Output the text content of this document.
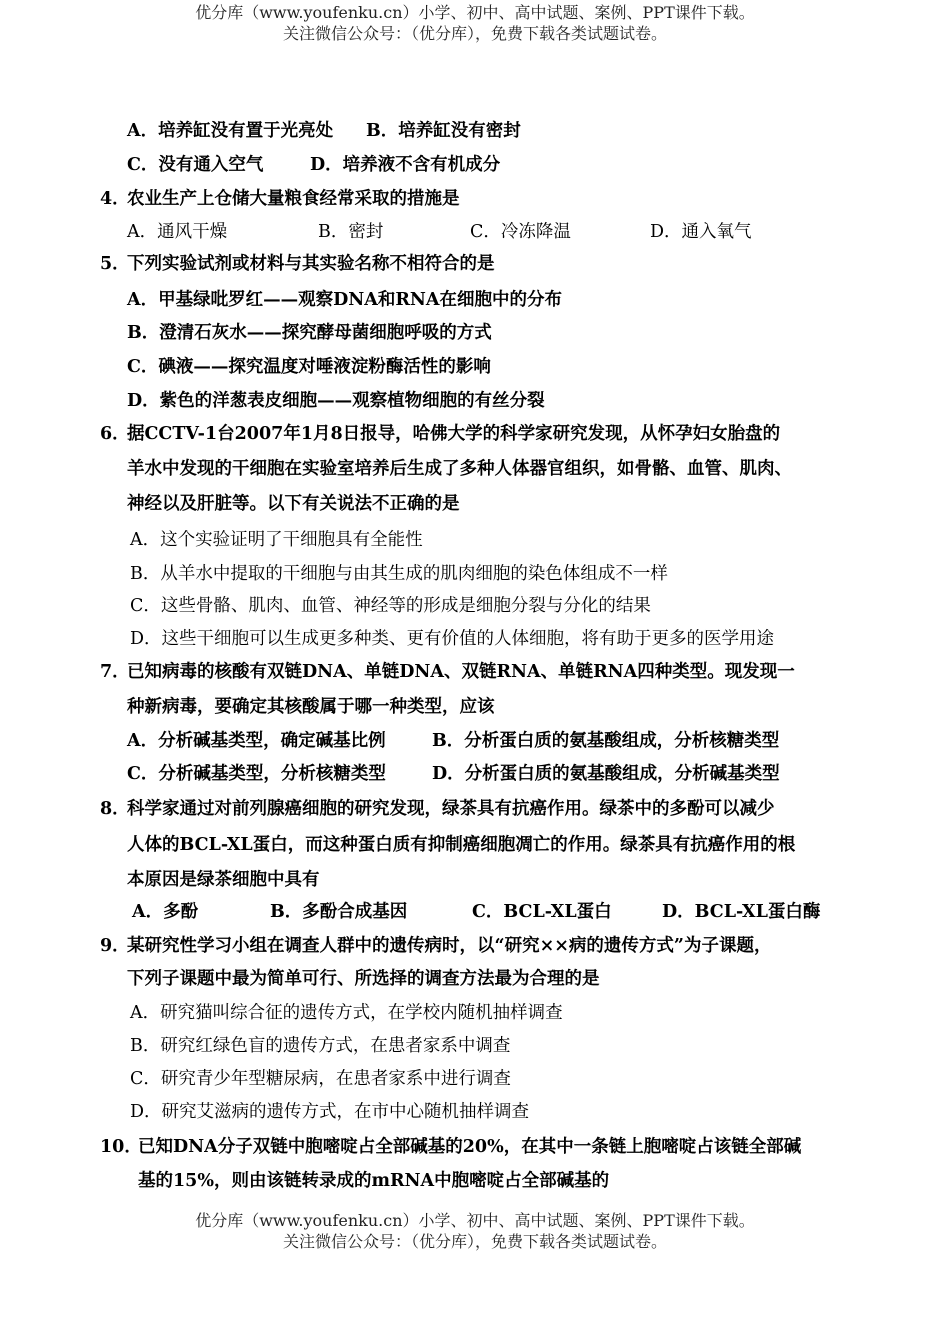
优分库（www.youfenku.cn）小学、初中、高中试题、案例、PPT课件下载。
关注微信公众号：（优分库），免费下载各类试题试卷。
A．培养缸没有置于光亮处 B．培养缸没有密封
C．没有通入空气	D．培养液不含有机成分
4．
农业生产上仓储大量粮食经常采取的措施是
A．通风干燥	B．密封	C．冷冻降温	D．通入氧气
5．
下列实验试剂或材料与其实验名称不相符合的是
A．甲基绿吡罗红——观察DNA和RNA在细胞中的分布
B．澄清石灰水——探究酵母菌细胞呼吸的方式
C．碘液——探究温度对唾液淀粉酶活性的影响
D．紫色的洋葱表皮细胞——观察植物细胞的有丝分裂
6．
据CCTV-1台2007年1月8日报导，哈佛大学的科学家研究发现，从怀孕妇女胎盘的
羊水中发现的干细胞在实验室培养后生成了多种人体器官组织，如骨骼、血管、肌肉、
神经以及肝脏等。以下有关说法不正确的是
A．这个实验证明了干细胞具有全能性
B．从羊水中提取的干细胞与由其生成的肌肉细胞的染色体组成不一样
C．这些骨骼、肌肉、血管、神经等的形成是细胞分裂与分化的结果
D．这些干细胞可以生成更多种类、更有价值的人体细胞，将有助于更多的医学用途
7．
已知病毒的核酸有双链DNA、单链DNA、双链RNA、单链RNA四种类型。现发现一
种新病毒，要确定其核酸属于哪一种类型，应该
A．分析碱基类型，确定碱基比例	B．分析蛋白质的氨基酸组成，分析核糖类型
C．分析碱基类型，分析核糖类型	D．分析蛋白质的氨基酸组成，分析碱基类型
8．
科学家通过对前列腺癌细胞的研究发现，绿茶具有抗癌作用。绿茶中的多酚可以减少
人体的BCL-XL蛋白，而这种蛋白质有抑制癌细胞凋亡的作用。绿茶具有抗癌作用的根
本原因是绿茶细胞中具有
A．多酚	B．多酚合成基因	C．BCL-XL蛋白	D．BCL-XL蛋白酶
9．
某研究性学习小组在调查人群中的遗传病时，以“研究××病的遗传方式”为子课题，
下列子课题中最为简单可行、所选择的调查方法最为合理的是
A．研究猫叫综合征的遗传方式，在学校内随机抽样调查
B．研究红绿色盲的遗传方式，在患者家系中调查
C．研究青少年型糖尿病，在患者家系中进行调查
D．研究艾滋病的遗传方式，在市中心随机抽样调查
10．
已知DNA分子双链中胞嘧啶占全部碱基的20%，在其中一条链上胞嘧啶占该链全部碱
基的15%，则由该链转录成的mRNA中胞嘧啶占全部碱基的
优分库（www.youfenku.cn）小学、初中、高中试题、案例、PPT课件下载。
关注微信公众号：（优分库），免费下载各类试题试卷。
